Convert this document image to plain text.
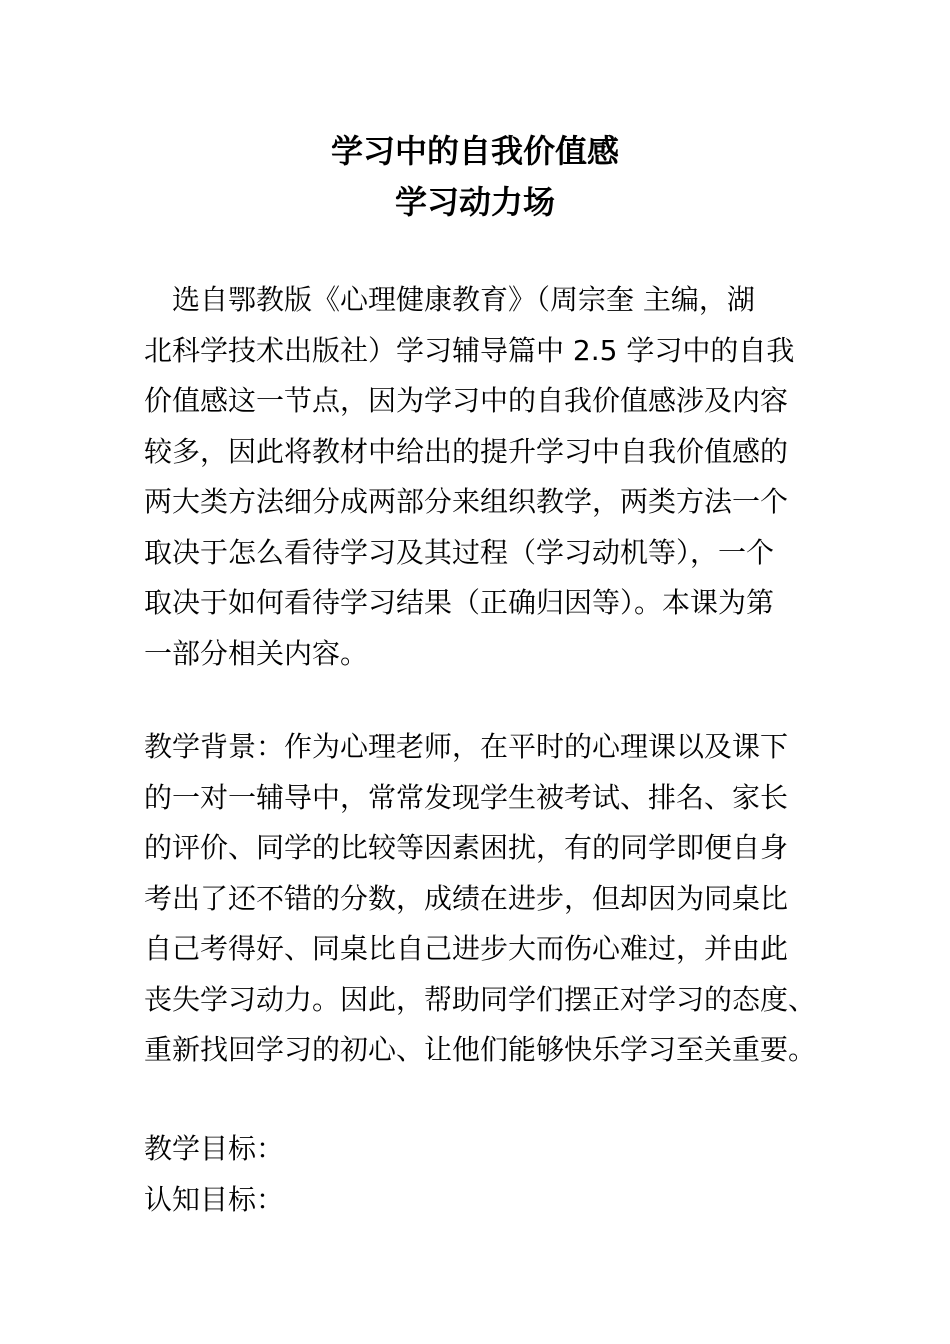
学习中的自我价值感
学习动力场
选自鄂教版《心理健康教育》（周宗奎 主编，湖
北科学技术出版社）学习辅导篇中 2.5 学习中的自我
价值感这一节点，因为学习中的自我价值感涉及内容
较多，因此将教材中给出的提升学习中自我价值感的
两大类方法细分成两部分来组织教学，两类方法一个
取决于怎么看待学习及其过程（学习动机等），一个
取决于如何看待学习结果（正确归因等）。本课为第
一部分相关内容。
教学背景：作为心理老师，在平时的心理课以及课下
的一对一辅导中，常常发现学生被考试、排名、家长
的评价、同学的比较等因素困扰，有的同学即便自身
考出了还不错的分数，成绩在进步，但却因为同桌比
自己考得好、同桌比自己进步大而伤心难过，并由此
丧失学习动力。因此，帮助同学们摆正对学习的态度、
重新找回学习的初心、让他们能够快乐学习至关重要。
教学目标：
认知目标：
